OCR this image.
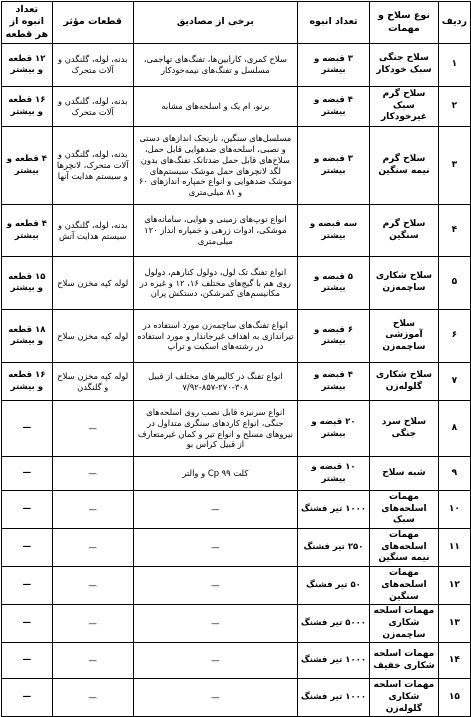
ردیف	نوع سلاح و مهمات	تعداد انبوه	برخی از مصادیق	قطعات مؤثر	تعداد انبوه از هر قطعه
۱	سلاح جنگی سبک خودکار	۳ قبضه و بیشتر	سلاح کمری، کارابین‌ها، تفنگ‌های تهاجمی، مسلسل و تفنگ‌های نیمه‌خودکار	بدنه، لوله، گلنگدن و آلات متحرک	۱۲ قطعه و بیشتر
۲	سلاح گرم سبک غیرخودکار	۴ قبضه و بیشتر	برنو، ام یک و اسلحه‌های مشابه	بدنه، لوله، گلنگدن و آلات متحرک	۱۶ قطعه و بیشتر
۳	سلاح گرم نیمه سنگین	۳ قبضه و بیشتر	مسلسل‌های سنگین، نارنجک اندازهای دستی و نصبی، اسلحه‌های ضدهوایی قابل حمل، سلاح‌های قابل حمل ضدتانک تفنگ‌های بدون لگد لانچرهای حمل موشک سیستم‌های موشک ضدهوایی و انواع خمپاره اندازهای ۶۰ و ۸۱ میلی‌متری	بدنه، لوله، گلنگدن و آلات متحرک، لانچرها و سیستم هدایت آنها	۴ قطعه و بیشتر
۴	سلاح گرم سنگین	سه قبضه و بیشتر	انواع توپ‌های زمینی و هوایی، سامانه‌های موشکی، ادوات زرهی و خمپاره انداز ۱۲۰ میلی‌متری	بدنه، لوله، گلنگدن و سیستم هدایت آتش	۴ قطعه و بیشتر
۵	سلاح شکاری ساچمه‌زن	۵ قبضه و بیشتر	انواع تفنگ تک لول، دولول کنارهم، دولول روی هم با گیج‌های مختلف ۱۶، ۱۲ و غیره در مکانیسم‌های کمرشکن، دستکش پران	لوله کپه مخزن سلاح	۱۵ قطعه و بیشتر
۶	سلاح آموزشی ساچمه‌زن	۶ قبضه و بیشتر	انواع تفنگ‌های ساچمه‌زن مورد استفاده در تیراندازی به اهداف غیرجاندار و مورد استفاده در رشته‌های اسکیت و تراپ	لوله کپه مخزن سلاح	۱۸ قطعه و بیشتر
۷	سلاح شکاری گلوله‌زن	۴ قبضه و بیشتر	انواع تفنگ در کالیبرهای مختلف از قبیل ۳۰۸-۲۷۰-۸۵۷-۷/۹۲	لوله کپه مخزن سلاح و گلنگدن	۱۶ قطعه و بیشتر
۸	سلاح سرد جنگی	۲۰ قبضه و بیشتر	انواع سرنیزه قابل نصب روی اسلحه‌های جنگی، انواع کاردهای سنگری متداول در نیروهای مسلح و انواع تیر و کمان غیرمتعارف از قبیل کراس بو	—	—
۹	شبه سلاح	۱۰ قبضه و بیشتر	کلت Cp ۹۹ و والتر	—	—
۱۰	مهمات اسلحه‌های سبک	۱۰۰۰ تیر فشنگ	—	—	—
۱۱	مهمات اسلحه‌های نیمه سنگین	۲۵۰ تیر فشنگ	—	—	—
۱۲	مهمات اسلحه‌های سنگین	۵۰ تیر فشنگ	—	—	—
۱۳	مهمات اسلحه شکاری ساچمه‌زن	۵۰۰۰ تیر فشنگ	—	—	—
۱۴	مهمات اسلحه شکاری خفیف	۱۰۰۰ تیر فشنگ	—	—	—
۱۵	مهمات اسلحه شکاری گلوله‌زن	۱۰۰۰ تیر فشنگ	—	—	—
